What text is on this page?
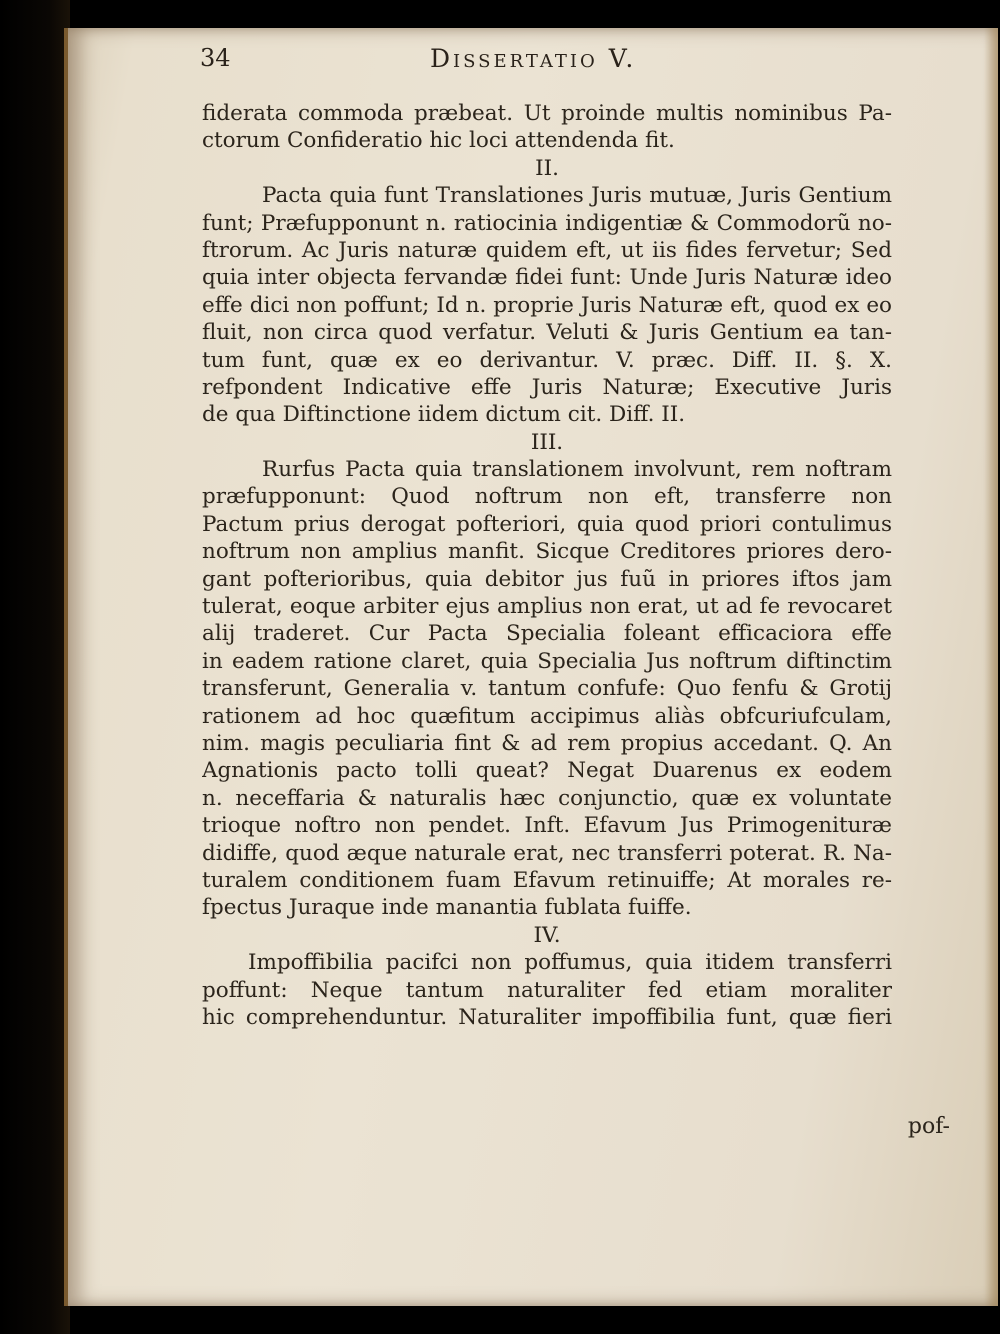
34	Dissertatio V.
fiderata commoda præbeat. Ut proinde multis nominibus Pa-
ctorum Confideratio hic loci attendenda fit.
II.
Pacta quia funt Translationes Juris mutuæ, Juris Gentium
funt; Præfupponunt n. ratiocinia indigentiæ & Commodorũ no-
ftrorum. Ac Juris naturæ quidem eft, ut iis fides fervetur; Sed
quia inter objecta fervandæ fidei funt: Unde Juris Naturæ ideo
effe dici non poffunt; Id n. proprie Juris Naturæ eft, quod ex eo
fluit, non circa quod verfatur. Veluti & Juris Gentium ea tan-
tum funt, quæ ex eo derivantur. V. præc. Diff. II. §. X.
refpondent Indicative effe Juris Naturæ; Executive Juris
de qua Diftinctione iidem dictum cit. Diff. II.
III.
Rurfus Pacta quia translationem involvunt, rem noftram
præfupponunt: Quod noftrum non eft, transferre non
Pactum prius derogat pofteriori, quia quod priori contulimus
noftrum non amplius manfit. Sicque Creditores priores dero-
gant pofterioribus, quia debitor jus fuũ in priores iftos jam
tulerat, eoque arbiter ejus amplius non erat, ut ad fe revocaret
alij traderet. Cur Pacta Specialia foleant efficaciora effe
in eadem ratione claret, quia Specialia Jus noftrum diftinctim
transferunt, Generalia v. tantum confufe: Quo fenfu & Grotij
rationem ad hoc quæfitum accipimus aliàs obfcuriufculam,
nim. magis peculiaria fint & ad rem propius accedant. Q. An
Agnationis pacto tolli queat? Negat Duarenus ex eodem
n. neceffaria & naturalis hæc conjunctio, quæ ex voluntate
trioque noftro non pendet. Inft. Efavum Jus Primogenituræ
didiffe, quod æque naturale erat, nec transferri poterat. R. Na-
turalem conditionem fuam Efavum retinuiffe; At morales re-
fpectus Juraque inde manantia fublata fuiffe.
IV.
Impoffibilia pacifci non poffumus, quia itidem transferri
poffunt: Neque tantum naturaliter fed etiam moraliter
hic comprehenduntur. Naturaliter impoffibilia funt, quæ fieri
pof-
